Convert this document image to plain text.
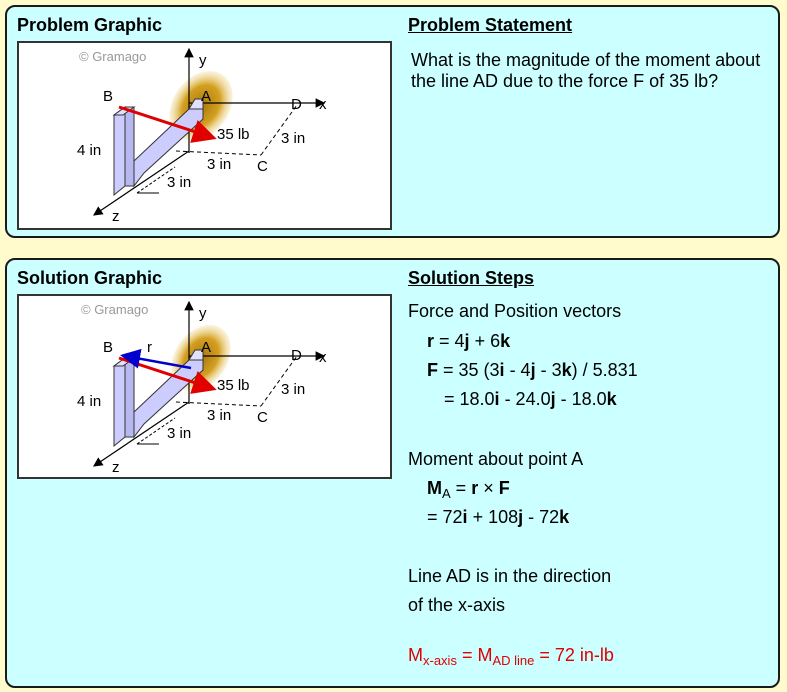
Problem Graphic	Problem Statement
© Gramago	y
x
z
B	A	D
C
35 lb 3 in
3 in
3 in
4 in
What is the magnitude of the moment about the line AD due to the force F of 35 lb?
Solution Graphic	Solution Steps
© Gramago	y
x
z
r
B	A	D
C
35 lb 3 in
3 in
3 in
4 in
Force and Position vectors
r = 4j + 6k
F = 35 (3i - 4j - 3k) / 5.831
= 18.0i - 24.0j - 18.0k
Moment about point A
$M_A = r \times F$
= 72i + 108j - 72k
Line AD is in the direction
of the x-axis
$M_{x-axis} = M_{AD line} = 72$ in-lb
